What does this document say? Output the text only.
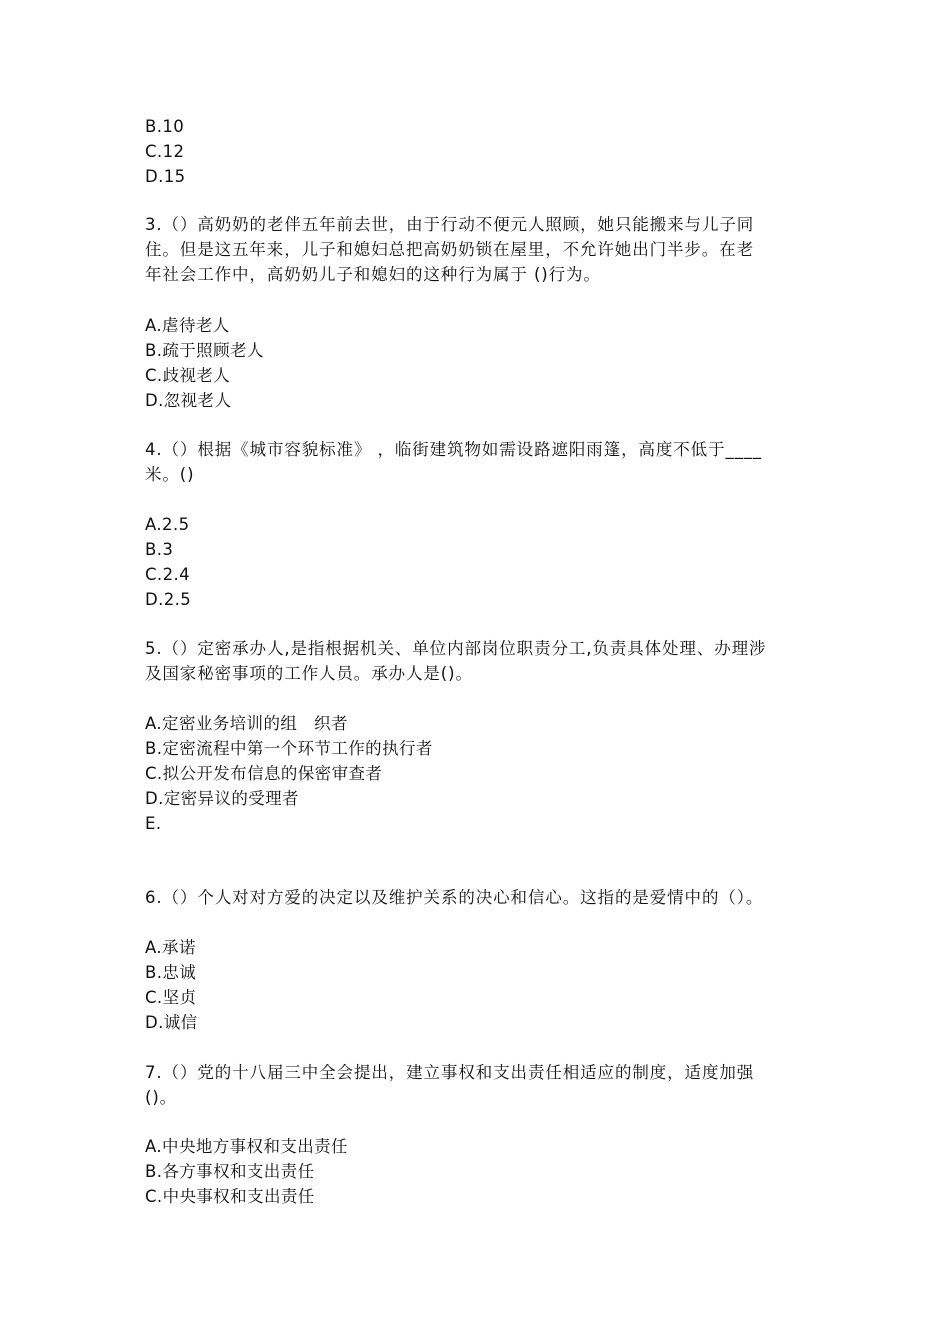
B.10
C.12
D.15
3.（）高奶奶的老伴五年前去世，由于行动不便元人照顾，她只能搬来与儿子同
住。但是这五年来，儿子和媳妇总把高奶奶锁在屋里，不允许她出门半步。在老
年社会工作中，高奶奶儿子和媳妇的这种行为属于 ()行为。
A.虐待老人
B.疏于照顾老人
C.歧视老人
D.忽视老人
4.（）根据《城市容貌标准》 ，临街建筑物如需设路遮阳雨篷，高度不低于____
米。()
A.2.5
B.3
C.2.4
D.2.5
5.（）定密承办人,是指根据机关、单位内部岗位职责分工,负责具体处理、办理涉
及国家秘密事项的工作人员。承办人是()。
A.定密业务培训的组　织者
B.定密流程中第一个环节工作的执行者
C.拟公开发布信息的保密审查者
D.定密异议的受理者
E.
6.（）个人对对方爱的决定以及维护关系的决心和信心。这指的是爱情中的（）。
A.承诺
B.忠诚
C.坚贞
D.诚信
7.（）党的十八届三中全会提出，建立事权和支出责任相适应的制度，适度加强
()。
A.中央地方事权和支出责任
B.各方事权和支出责任
C.中央事权和支出责任
